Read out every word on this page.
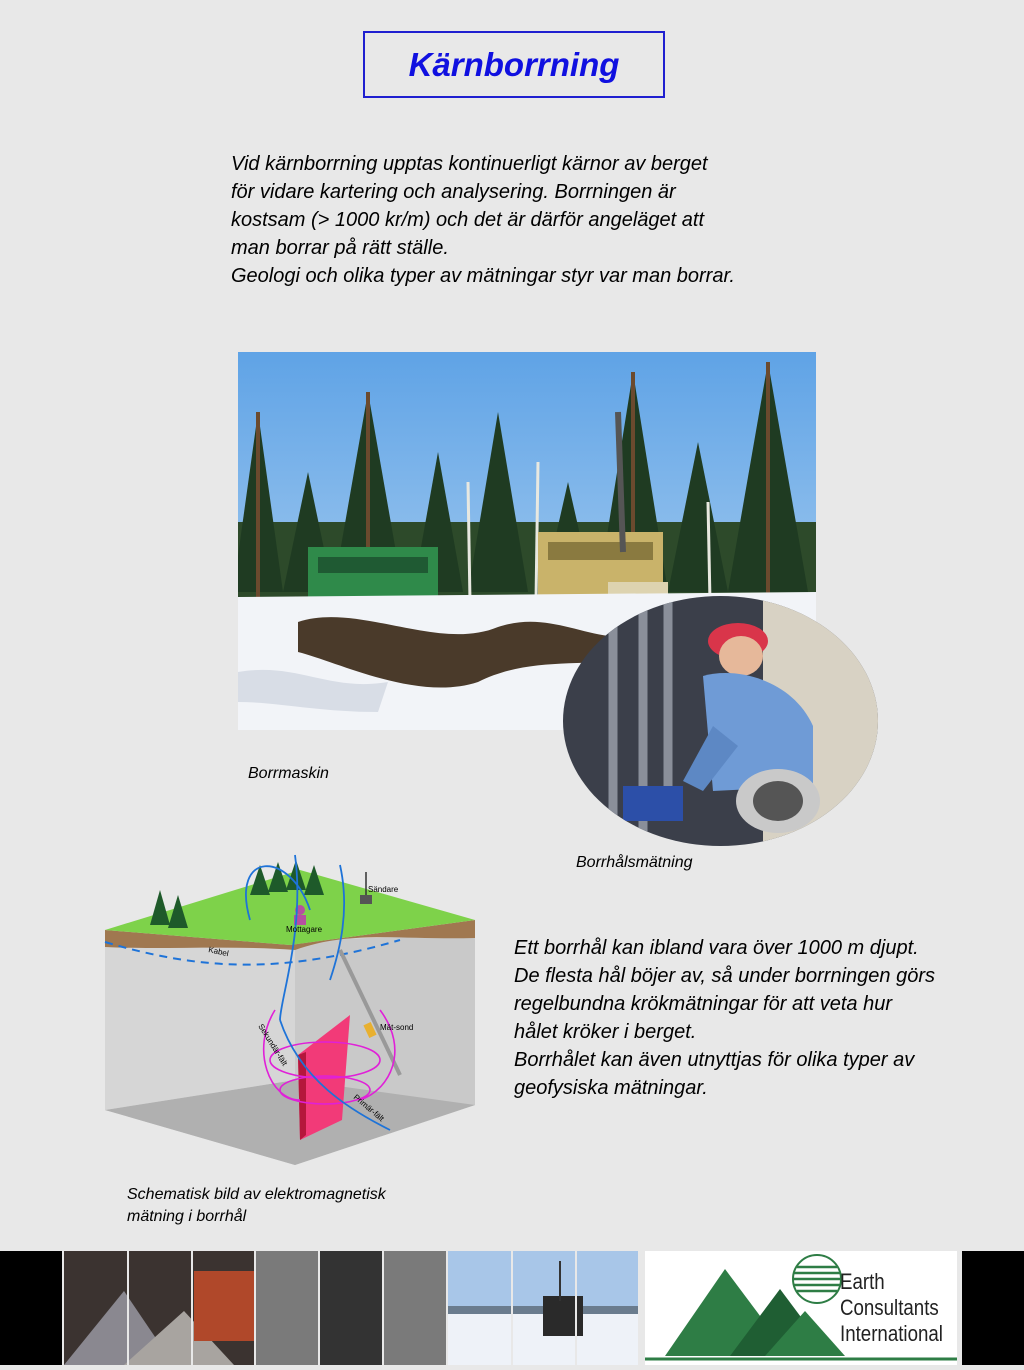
Kärnborrning
Vid kärnborrning upptas kontinuerligt kärnor av berget
för vidare kartering och analysering. Borrningen är
kostsam (> 1000 kr/m) och det är därför angeläget att
man borrar på rätt ställe.
Geologi och olika typer av mätningar styr var man borrar.
Borrmaskin
Borrhålsmätning
Sändare
Mottagare
Kabel
Mät-sond
Sekundär-fält
Primär-fält
Ett borrhål kan ibland vara över 1000 m djupt.
De flesta hål böjer av, så under borrningen görs
regelbundna krökmätningar för att veta hur
hålet kröker i berget.
Borrhålet kan även utnyttjas för olika typer av
geofysiska mätningar.
Schematisk bild av elektromagnetisk
mätning i borrhål
Earth
Consultants
International
